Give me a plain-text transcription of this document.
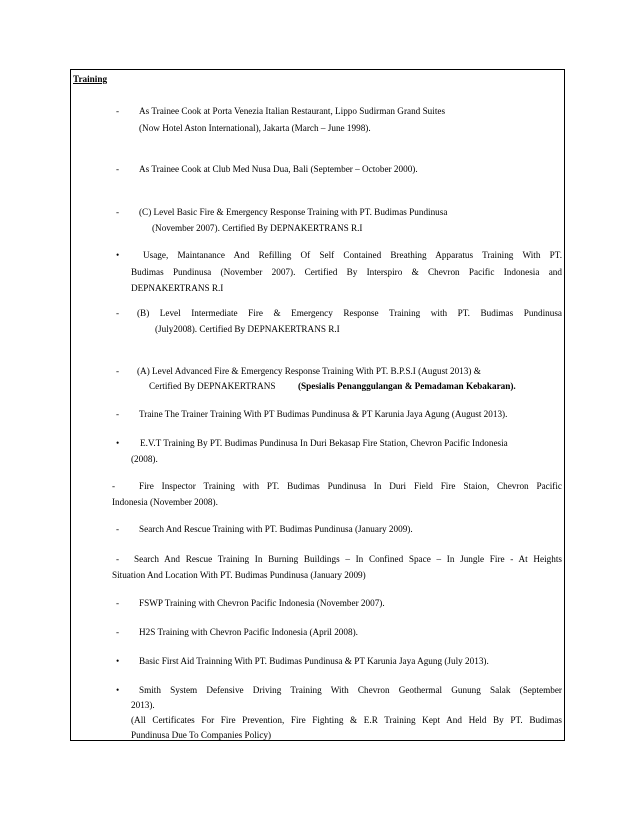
Training
- As Trainee Cook at Porta Venezia Italian Restaurant, Lippo Sudirman Grand Suites
(Now Hotel Aston International), Jakarta (March – June 1998).
- As Trainee Cook at Club Med Nusa Dua, Bali (September – October 2000).
- (C) Level Basic Fire & Emergency Response Training with PT. Budimas Pundinusa
(November 2007). Certified By DEPNAKERTRANS R.I
•	Usage, Maintanance And Refilling Of Self Contained Breathing Apparatus Training With PT.
Budimas Pundinusa (November 2007). Certified By Interspiro & Chevron Pacific Indonesia and
DEPNAKERTRANS R.I
- (B) Level Intermediate Fire & Emergency Response Training with PT. Budimas Pundinusa
(July2008). Certified By DEPNAKERTRANS R.I
- (A) Level Advanced Fire & Emergency Response Training With PT. B.P.S.I (August 2013) &
Certified By DEPNAKERTRANS (Spesialis Penanggulangan & Pemadaman Kebakaran).
- Traine The Trainer Training With PT Budimas Pundinusa & PT Karunia Jaya Agung (August 2013).
• E.V.T Training By PT. Budimas Pundinusa In Duri Bekasap Fire Station, Chevron Pacific Indonesia
(2008).
-	Fire Inspector Training with PT. Budimas Pundinusa In Duri Field Fire Staion, Chevron Pacific
Indonesia (November 2008).
- Search And Rescue Training with PT. Budimas Pundinusa (January 2009).
- Search And Rescue Training In Burning Buildings – In Confined Space – In Jungle Fire - At Heights
Situation And Location With PT. Budimas Pundinusa (January 2009)
- FSWP Training with Chevron Pacific Indonesia (November 2007).
- H2S Training with Chevron Pacific Indonesia (April 2008).
• Basic First Aid Trainning With PT. Budimas Pundinusa & PT Karunia Jaya Agung (July 2013).
• Smith System Defensive Driving Training With Chevron Geothermal Gunung Salak (September
2013).
(All Certificates For Fire Prevention, Fire Fighting & E.R Training Kept And Held By PT. Budimas
Pundinusa Due To Companies Policy)
